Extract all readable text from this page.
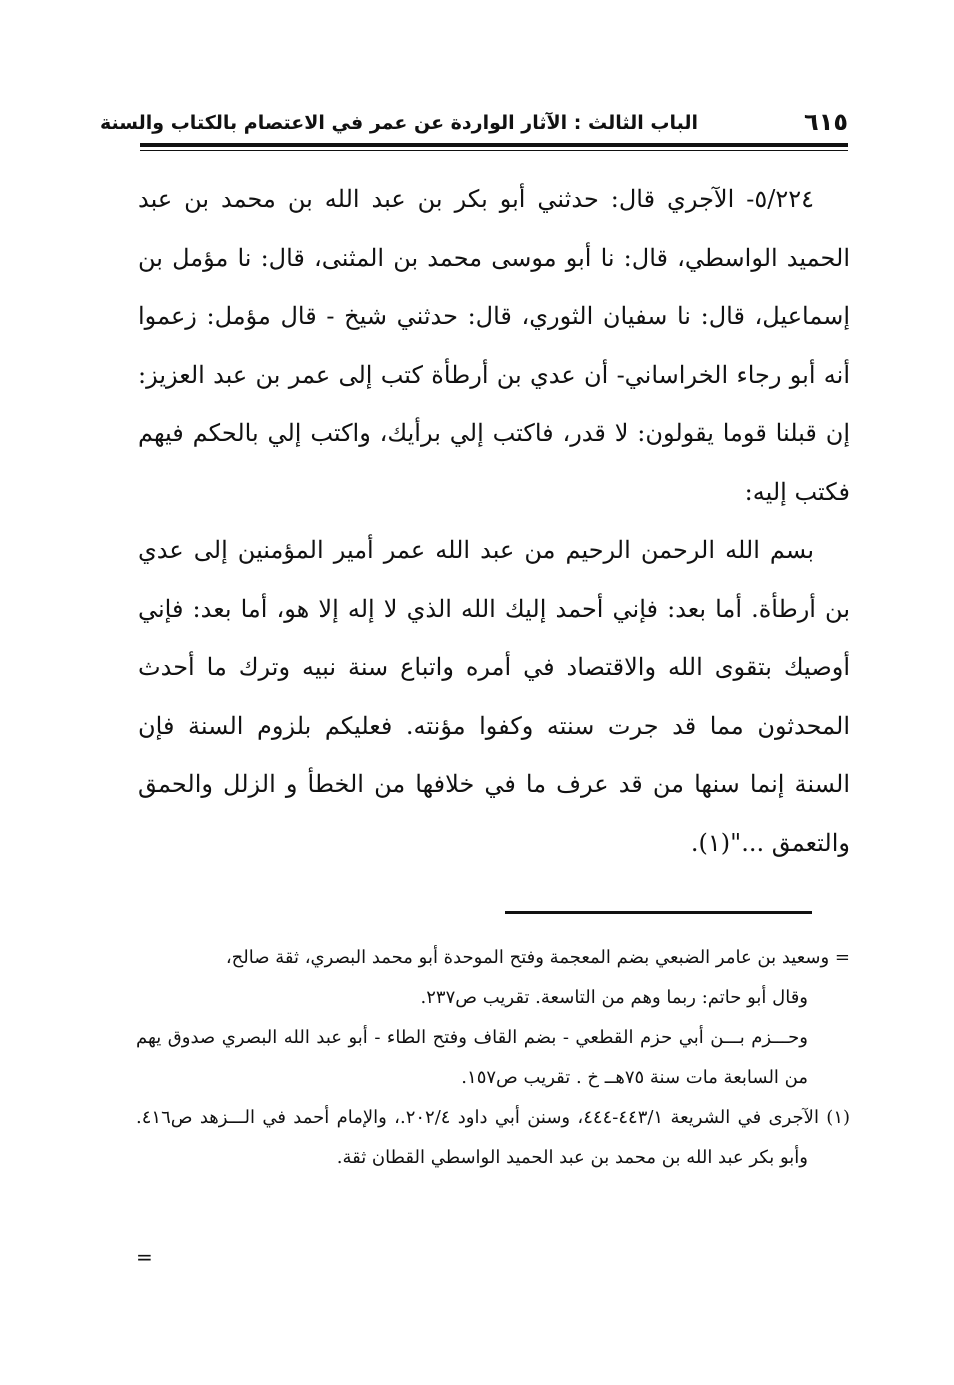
٦١٥
الباب الثالث : الآثار الواردة عن عمر في الاعتصام بالكتاب والسنة

٥/٢٢٤- الآجري قال: حدثني أبو بكر بن عبد الله بن محمد بن عبد الحميد الواسطي، قال: نا أبو موسى محمد بن المثنى، قال: نا مؤمل بن إسماعيل، قال: نا سفيان الثوري، قال: حدثني شيخ - قال مؤمل: زعموا أنه أبو رجاء الخراساني- أن عدي بن أرطأة كتب إلى عمر بن عبد العزيز: إن قبلنا قوما يقولون: لا قدر، فاكتب إلي برأيك، واكتب إلي بالحكم فيهم فكتب إليه:

بسم الله الرحمن الرحيم من عبد الله عمر أمير المؤمنين إلى عدي بن أرطأة. أما بعد: فإني أحمد إليك الله الذي لا إله إلا هو، أما بعد: فإني أوصيك بتقوى الله والاقتصاد في أمره واتباع سنة نبيه وترك ما أحدث المحدثون مما قد جرت سنته وكفوا مؤنته. فعليكم بلزوم السنة فإن السنة إنما سنها من قد عرف ما في خلافها من الخطأ و الزلل والحمق والتعمق ..."(١).

= وسعيد بن عامر الضبعي بضم المعجمة وفتح الموحدة أبو محمد البصري، ثقة صالح،

وقال أبو حاتم: ربما وهم من التاسعة. تقريب ص٢٣٧.

وحـــزم بـــن أبي حزم القطعي - بضم القاف وفتح الطاء - أبو عبد الله البصري صدوق يهم من السابعة مات سنة ٧٥هــ خ . تقريب ص١٥٧.

(١) الآجرى في الشريعة ٤٤٣/١-٤٤٤، وسنن أبي داود ٢٠٢/٤.، والإمام أحمد في الـــزهد ص٤١٦. وأبو بكر عبد الله بن محمد بن عبد الحميد الواسطي القطان ثقة.

=
